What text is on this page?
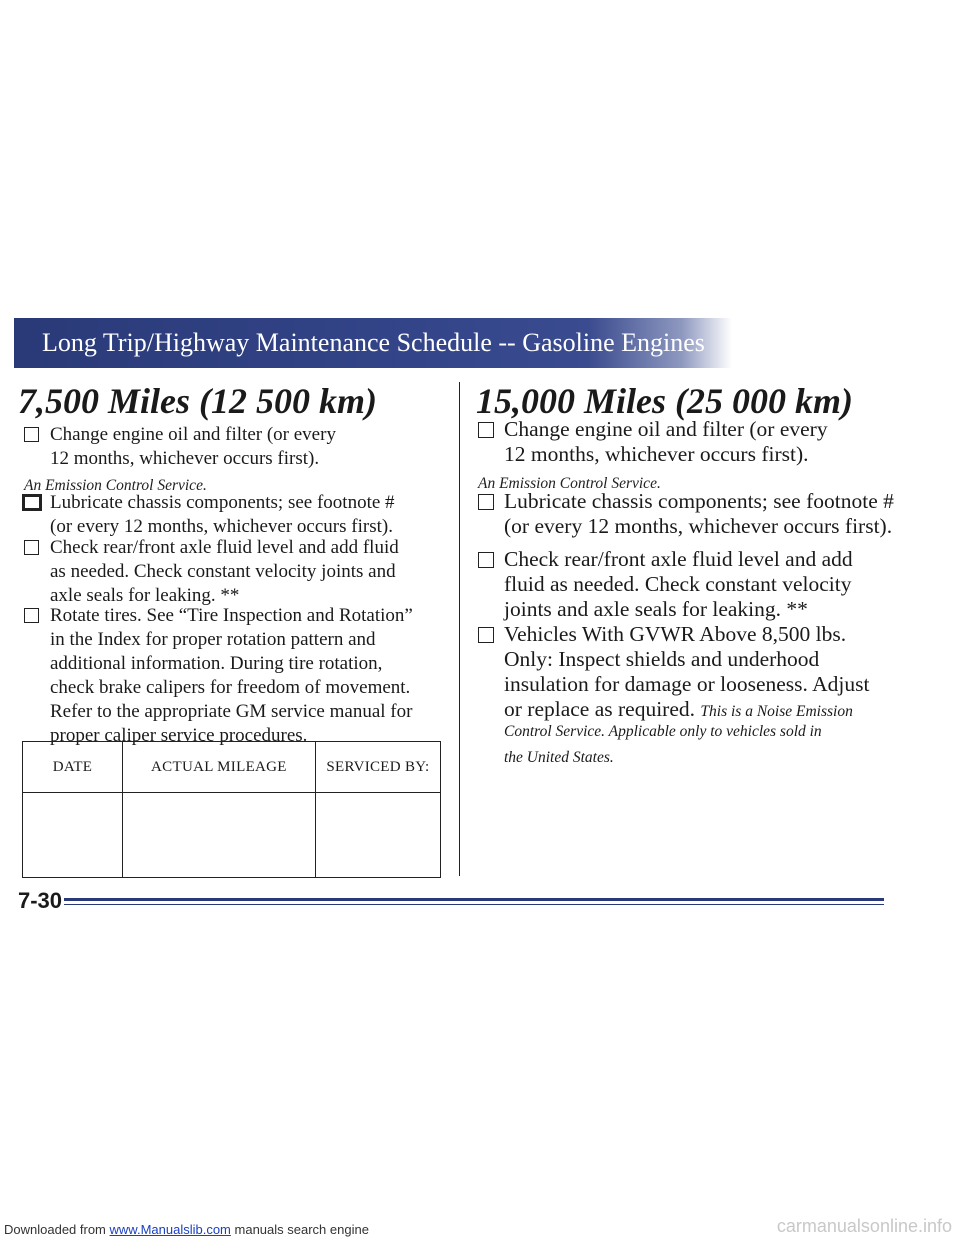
Long Trip/Highway Maintenance Schedule -- Gasoline Engines
7,500 Miles (12 500 km)
Change engine oil and filter (or every
12 months, whichever occurs first).
An Emission Control Service.
Lubricate chassis components; see footnote #
(or every 12 months, whichever occurs first).
Check rear/front axle fluid level and add fluid
as needed. Check constant velocity joints and
axle seals for leaking. **
Rotate tires. See “Tire Inspection and Rotation”
in the Index for proper rotation pattern and
additional information. During tire rotation,
check brake calipers for freedom of movement.
Refer to the appropriate GM service manual for
proper caliper service procedures.
DATE	ACTUAL MILEAGE	SERVICED BY:

15,000 Miles (25 000 km)
Change engine oil and filter (or every
12 months, whichever occurs first).
An Emission Control Service.
Lubricate chassis components; see footnote #
(or every 12 months, whichever occurs first).
Check rear/front axle fluid level and add
fluid as needed. Check constant velocity
joints and axle seals for leaking. **
Vehicles With GVWR Above 8,500 lbs.
Only: Inspect shields and underhood
insulation for damage or looseness. Adjust
or replace as required. This is a Noise Emission
Control Service. Applicable only to vehicles sold in
the United States.
7-30
Downloaded from www.Manualslib.com manuals search engine	carmanualsonline.info
